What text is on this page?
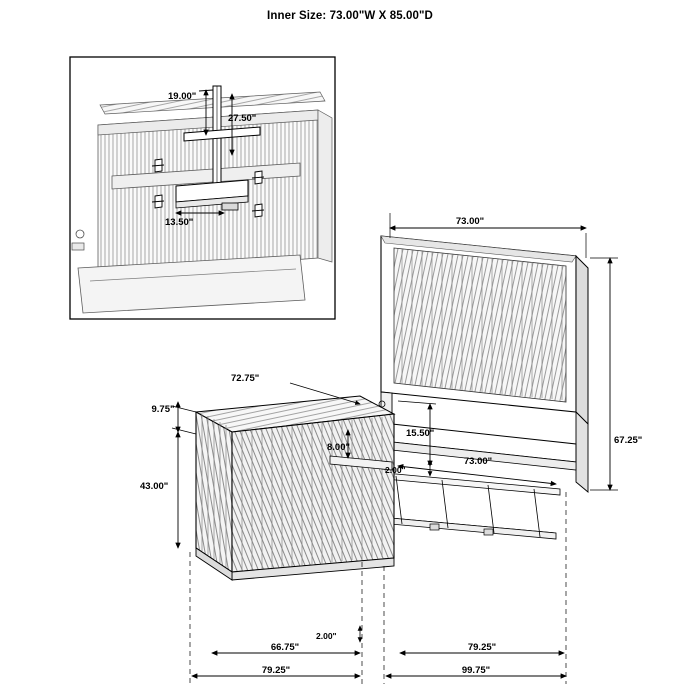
Inner Size: 73.00"W X 85.00"D
19.00"
27.50"
13.50"	73.00"
67.25"
73.00"
15.50"
2.00"
72.75"
9.75"
43.00"
8.00"
2.00"
66.75"
79.25"
79.25"
99.75"
